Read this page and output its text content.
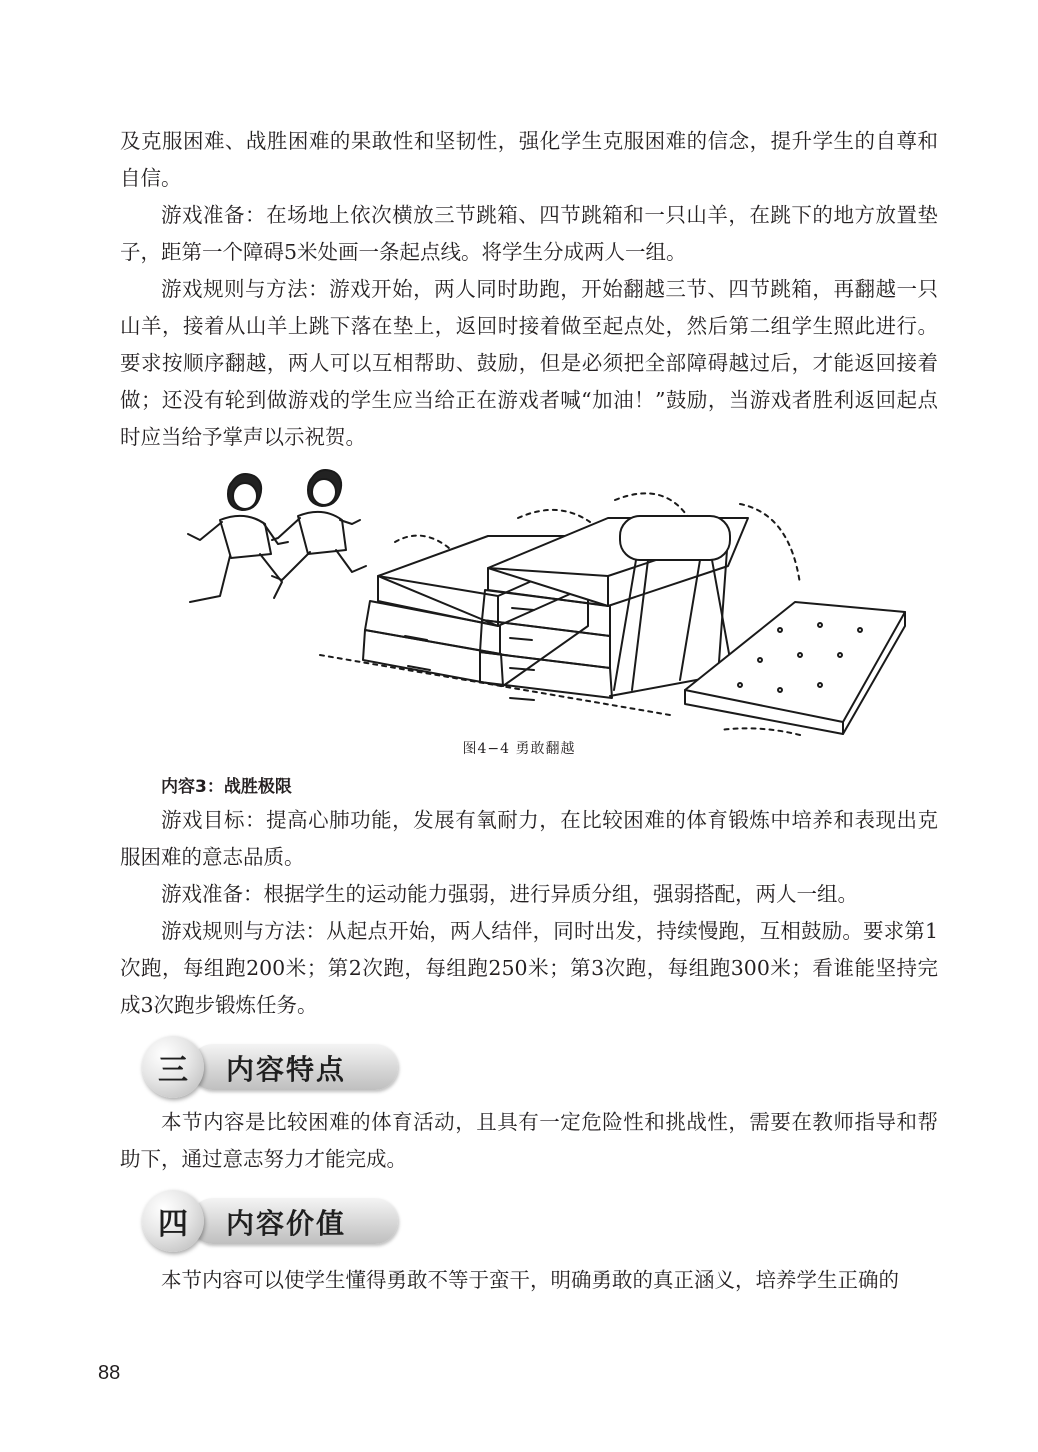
及克服困难、战胜困难的果敢性和坚韧性，强化学生克服困难的信念，提升学生的自尊和自信。

游戏准备：在场地上依次横放三节跳箱、四节跳箱和一只山羊，在跳下的地方放置垫子，距第一个障碍5米处画一条起点线。将学生分成两人一组。

游戏规则与方法：游戏开始，两人同时助跑，开始翻越三节、四节跳箱，再翻越一只山羊，接着从山羊上跳下落在垫上，返回时接着做至起点处，然后第二组学生照此进行。要求按顺序翻越，两人可以互相帮助、鼓励，但是必须把全部障碍越过后，才能返回接着做；还没有轮到做游戏的学生应当给正在游戏者喊“加油！”鼓励，当游戏者胜利返回起点时应当给予掌声以示祝贺。

图4−4 勇敢翻越
内容3：战胜极限

游戏目标：提高心肺功能，发展有氧耐力，在比较困难的体育锻炼中培养和表现出克服困难的意志品质。

游戏准备：根据学生的运动能力强弱，进行异质分组，强弱搭配，两人一组。

游戏规则与方法：从起点开始，两人结伴，同时出发，持续慢跑，互相鼓励。要求第1次跑，每组跑200米；第2次跑，每组跑250米；第3次跑，每组跑300米；看谁能坚持完成3次跑步锻炼任务。

三	内容特点

本节内容是比较困难的体育活动，且具有一定危险性和挑战性，需要在教师指导和帮助下，通过意志努力才能完成。

四	内容价值

本节内容可以使学生懂得勇敢不等于蛮干，明确勇敢的真正涵义，培养学生正确的

88
